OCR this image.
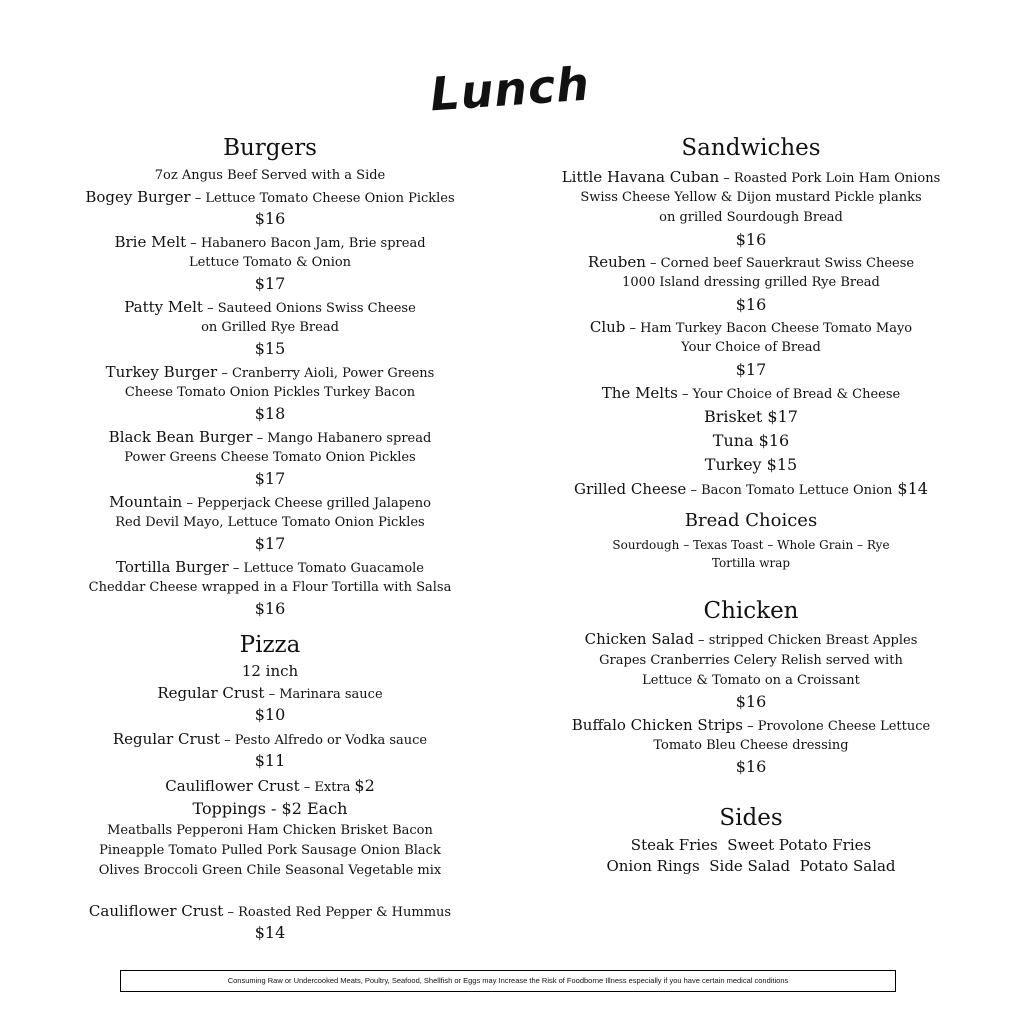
Lunch
Burgers
7oz Angus Beef Served with a Side
Bogey Burger – Lettuce Tomato Cheese Onion Pickles
$16
Brie Melt – Habanero Bacon Jam, Brie spread
Lettuce Tomato & Onion
$17
Patty Melt – Sauteed Onions Swiss Cheese
on Grilled Rye Bread
$15
Turkey Burger – Cranberry Aioli, Power Greens
Cheese Tomato Onion Pickles Turkey Bacon
$18
Black Bean Burger – Mango Habanero spread
Power Greens Cheese Tomato Onion Pickles
$17
Mountain – Pepperjack Cheese grilled Jalapeno
Red Devil Mayo, Lettuce Tomato Onion Pickles
$17
Tortilla Burger – Lettuce Tomato Guacamole
Cheddar Cheese wrapped in a Flour Tortilla with Salsa
$16
Pizza
12 inch
Regular Crust – Marinara sauce
$10
Regular Crust – Pesto Alfredo or Vodka sauce
$11
Cauliflower Crust – Extra $2
Toppings - $2 Each
Meatballs Pepperoni Ham Chicken Brisket Bacon
Pineapple Tomato Pulled Pork Sausage Onion Black
Olives Broccoli Green Chile Seasonal Vegetable mix
Cauliflower Crust – Roasted Red Pepper & Hummus
$14
Sandwiches
Little Havana Cuban – Roasted Pork Loin Ham Onions
Swiss Cheese Yellow & Dijon mustard Pickle planks
on grilled Sourdough Bread
$16
Reuben – Corned beef Sauerkraut Swiss Cheese
1000 Island dressing grilled Rye Bread
$16
Club – Ham Turkey Bacon Cheese Tomato Mayo
Your Choice of Bread
$17
The Melts – Your Choice of Bread & Cheese
Brisket $17
Tuna $16
Turkey $15
Grilled Cheese – Bacon Tomato Lettuce Onion $14
Bread Choices
Sourdough – Texas Toast – Whole Grain – Rye
Tortilla wrap
Chicken
Chicken Salad – stripped Chicken Breast Apples
Grapes Cranberries Celery Relish served with
Lettuce & Tomato on a Croissant
$16
Buffalo Chicken Strips – Provolone Cheese Lettuce
Tomato Bleu Cheese dressing
$16
Sides
Steak Fries  Sweet Potato Fries
Onion Rings  Side Salad  Potato Salad
Consuming Raw or Undercooked Meats, Poultry, Seafood, Shellfish or Eggs may Increase the Risk of Foodborne Illness especially if you have certain medical conditions
